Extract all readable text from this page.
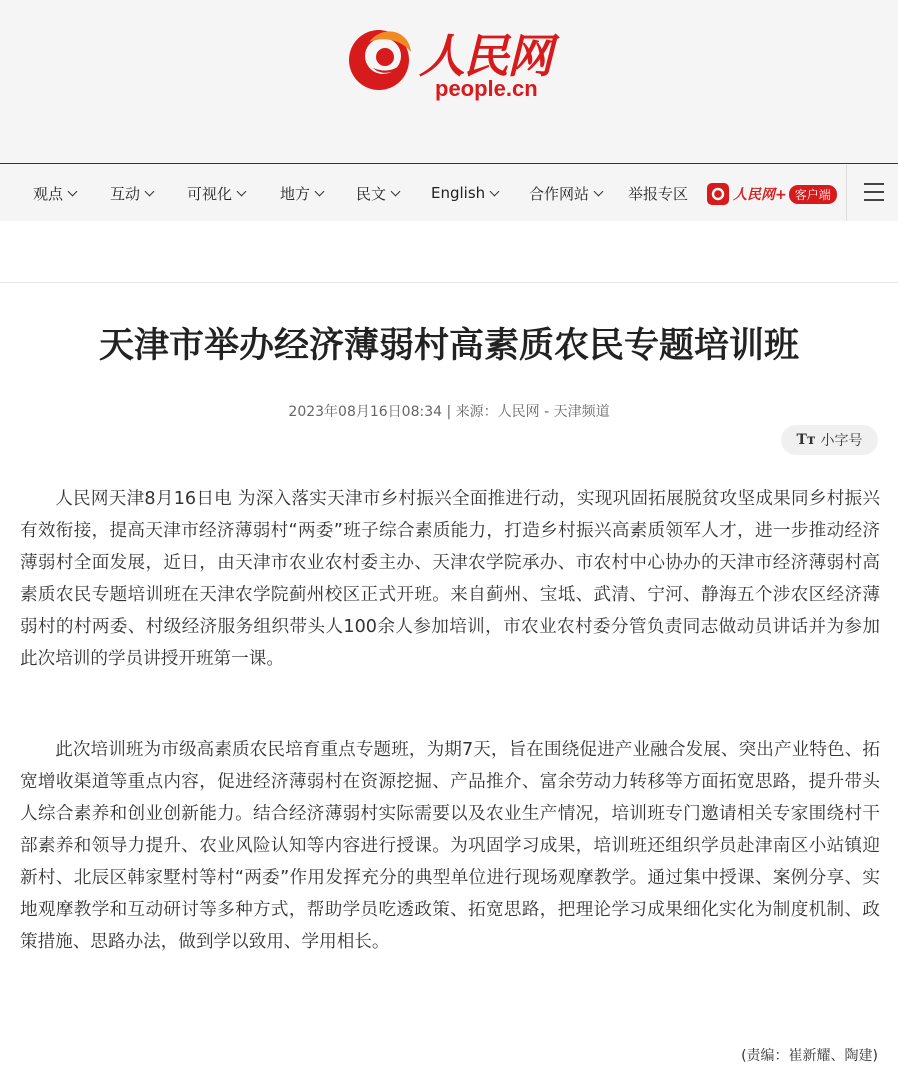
人民网
people.cn
观点	互动	可视化	地方	民文	English	合作网站	举报专区	人民网+ 客户端
天津市举办经济薄弱村高素质农民专题培训班
2023年08月16日08:34 | 来源：人民网 - 天津频道
Tт 小字号

人民网天津8月16日电 为深入落实天津市乡村振兴全面推进行动，实现巩固拓展脱贫攻坚成果同乡村振兴有效衔接，提高天津市经济薄弱村“两委”班子综合素质能力，打造乡村振兴高素质领军人才，进一步推动经济薄弱村全面发展，近日，由天津市农业农村委主办、天津农学院承办、市农村中心协办的天津市经济薄弱村高素质农民专题培训班在天津农学院蓟州校区正式开班。来自蓟州、宝坻、武清、宁河、静海五个涉农区经济薄弱村的村两委、村级经济服务组织带头人100余人参加培训，市农业农村委分管负责同志做动员讲话并为参加此次培训的学员讲授开班第一课。

此次培训班为市级高素质农民培育重点专题班，为期7天，旨在围绕促进产业融合发展、突出产业特色、拓宽增收渠道等重点内容，促进经济薄弱村在资源挖掘、产品推介、富余劳动力转移等方面拓宽思路，提升带头人综合素养和创业创新能力。结合经济薄弱村实际需要以及农业生产情况，培训班专门邀请相关专家围绕村干部素养和领导力提升、农业风险认知等内容进行授课。为巩固学习成果，培训班还组织学员赴津南区小站镇迎新村、北辰区韩家墅村等村“两委”作用发挥充分的典型单位进行现场观摩教学。通过集中授课、案例分享、实地观摩教学和互动研讨等多种方式，帮助学员吃透政策、拓宽思路，把理论学习成果细化实化为制度机制、政策措施、思路办法，做到学以致用、学用相长。

(责编：崔新耀、陶建)
